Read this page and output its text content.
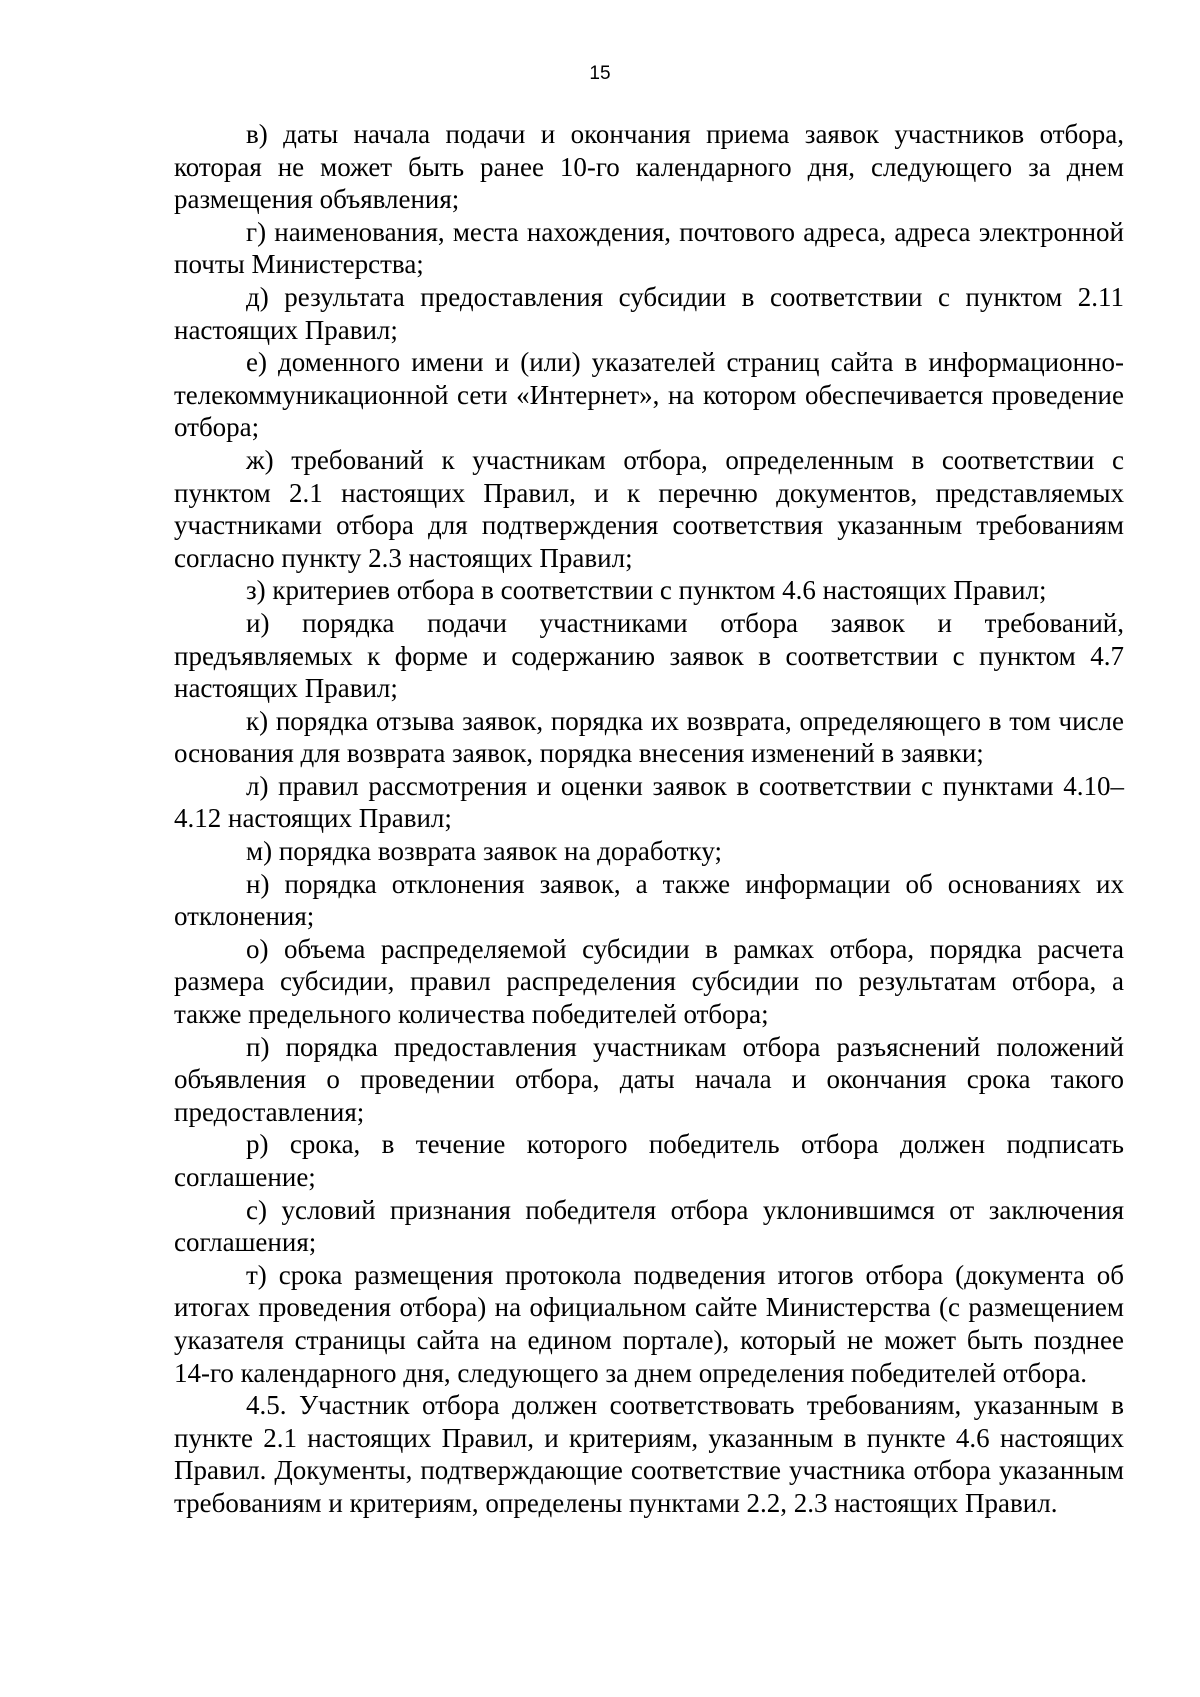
15

в) даты начала подачи и окончания приема заявок участников отбора, которая не может быть ранее 10-го календарного дня, следующего за днем размещения объявления;

г) наименования, места нахождения, почтового адреса, адреса электронной почты Министерства;

д) результата предоставления субсидии в соответствии с пунктом 2.11 настоящих Правил;

е) доменного имени и (или) указателей страниц сайта в информационно-телекоммуникационной сети «Интернет», на котором обеспечивается проведение отбора;

ж) требований к участникам отбора, определенным в соответствии с пунктом 2.1 настоящих Правил, и к перечню документов, представляемых участниками отбора для подтверждения соответствия указанным требованиям согласно пункту 2.3 настоящих Правил;

з) критериев отбора в соответствии с пунктом 4.6 настоящих Правил;

и) порядка подачи участниками отбора заявок и требований, предъявляемых к форме и содержанию заявок в соответствии с пунктом 4.7 настоящих Правил;

к) порядка отзыва заявок, порядка их возврата, определяющего в том числе основания для возврата заявок, порядка внесения изменений в заявки;

л) правил рассмотрения и оценки заявок в соответствии с пунктами 4.10–4.12 настоящих Правил;

м) порядка возврата заявок на доработку;

н) порядка отклонения заявок, а также информации об основаниях их отклонения;

о) объема распределяемой субсидии в рамках отбора, порядка расчета размера субсидии, правил распределения субсидии по результатам отбора, а также предельного количества победителей отбора;

п) порядка предоставления участникам отбора разъяснений положений объявления о проведении отбора, даты начала и окончания срока такого предоставления;

р) срока, в течение которого победитель отбора должен подписать соглашение;

с) условий признания победителя отбора уклонившимся от заключения соглашения;

т) срока размещения протокола подведения итогов отбора (документа об итогах проведения отбора) на официальном сайте Министерства (с размещением указателя страницы сайта на едином портале), который не может быть позднее 14-го календарного дня, следующего за днем определения победителей отбора.

4.5. Участник отбора должен соответствовать требованиям, указанным в пункте 2.1 настоящих Правил, и критериям, указанным в пункте 4.6 настоящих Правил. Документы, подтверждающие соответствие участника отбора указанным требованиям и критериям, определены пунктами 2.2, 2.3 настоящих Правил.
